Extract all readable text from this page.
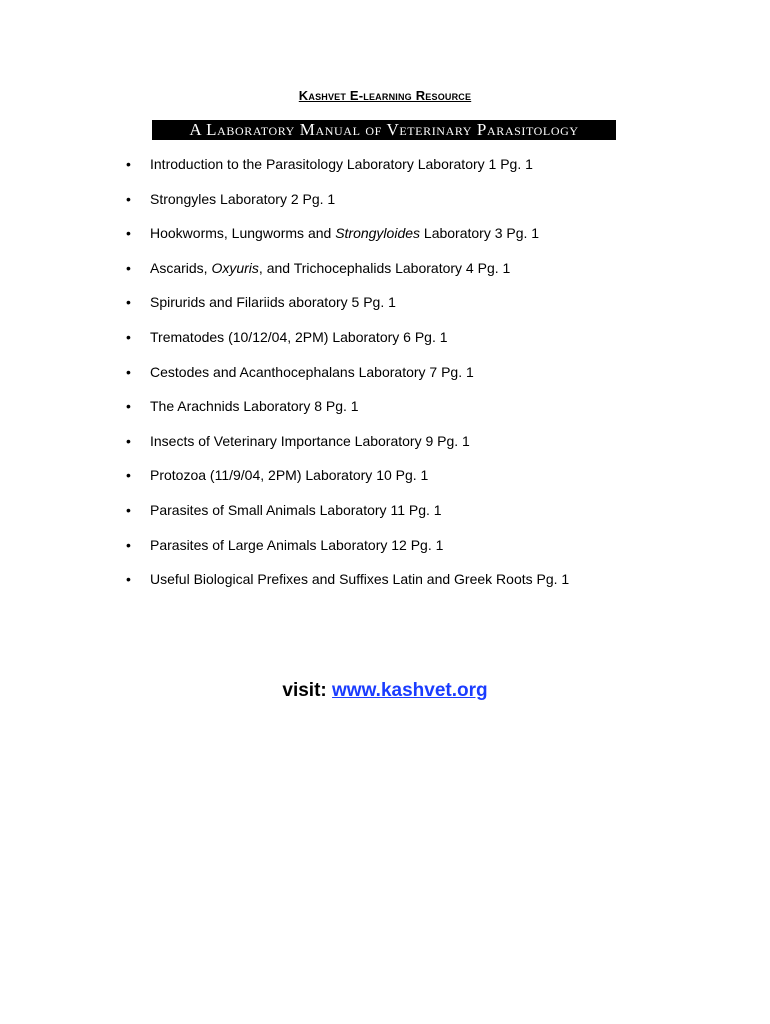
Kashvet E-learning Resource
A Laboratory Manual of Veterinary Parasitology
• Introduction to the Parasitology Laboratory Laboratory 1 Pg. 1
• Strongyles Laboratory 2 Pg. 1
• Hookworms, Lungworms and Strongyloides Laboratory 3 Pg. 1
• Ascarids, Oxyuris, and Trichocephalids Laboratory 4 Pg. 1
• Spirurids and Filariids aboratory 5 Pg. 1
• Trematodes (10/12/04, 2PM) Laboratory 6 Pg. 1
• Cestodes and Acanthocephalans Laboratory 7 Pg. 1
• The Arachnids Laboratory 8 Pg. 1
• Insects of Veterinary Importance Laboratory 9 Pg. 1
• Protozoa (11/9/04, 2PM) Laboratory 10 Pg. 1
• Parasites of Small Animals Laboratory 11 Pg. 1
• Parasites of Large Animals Laboratory 12 Pg. 1
• Useful Biological Prefixes and Suffixes Latin and Greek Roots Pg. 1
visit: www.kashvet.org
